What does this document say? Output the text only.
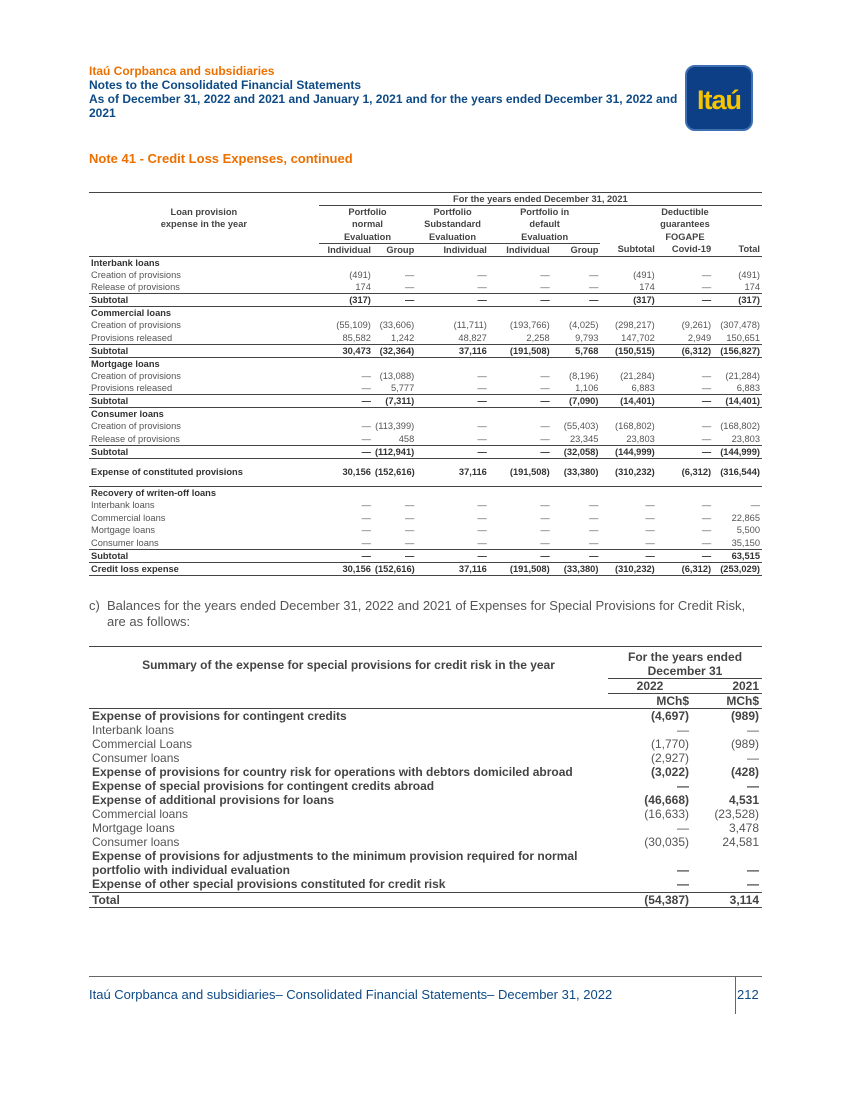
Itaú Corpbanca and subsidiaries
Notes to the Consolidated Financial Statements
As of December 31, 2022 and 2021 and January 1, 2021 and for the years ended December 31, 2022 and 2021	Itaú
Note 41 - Credit Loss Expenses, continued
	For the years ended December 31, 2021							
Loan provision	Portfolio		Portfolio	Portfolio in			Deductible	
expense in the year	normal		Substandard	default			guarantees	
	Evaluation		Evaluation	Evaluation			FOGAPE	
	Individual	Group	Individual	Individual	Group	Subtotal	Covid-19	Total
Interbank loans								
Creation of provisions	(491)	—	—	—	—	(491)	—	(491)
Release of provisions	174	—	—	—	—	174	—	174
Subtotal	(317)	—	—	—	—	(317)	—	(317)
Commercial loans								
Creation of provisions	(55,109)	(33,606)	(11,711)	(193,766)	(4,025)	(298,217)	(9,261)	(307,478)
Provisions released	85,582	1,242	48,827	2,258	9,793	147,702	2,949	150,651
Subtotal	30,473	(32,364)	37,116	(191,508)	5,768	(150,515)	(6,312)	(156,827)
Mortgage loans								
Creation of provisions	—	(13,088)	—	—	(8,196)	(21,284)	—	(21,284)
Provisions released	—	5,777	—	—	1,106	6,883	—	6,883
Subtotal	—	(7,311)	—	—	(7,090)	(14,401)	—	(14,401)
Consumer loans								
Creation of provisions	—	(113,399)	—	—	(55,403)	(168,802)	—	(168,802)
Release of provisions	—	458	—	—	23,345	23,803	—	23,803
Subtotal	—	(112,941)	—	—	(32,058)	(144,999)	—	(144,999)

Expense of constituted provisions	30,156	(152,616)	37,116	(191,508)	(33,380)	(310,232)	(6,312)	(316,544)

Recovery of writen-off loans								
Interbank loans	—	—	—	—	—	—	—	—
Commercial loans	—	—	—	—	—	—	—	22,865
Mortgage loans	—	—	—	—	—	—	—	5,500
Consumer loans	—	—	—	—	—	—	—	35,150
Subtotal	—	—	—	—	—	—	—	63,515
Credit loss expense	30,156	(152,616)	37,116	(191,508)	(33,380)	(310,232)	(6,312)	(253,029)
c) Balances for the years ended December 31, 2022 and 2021 of Expenses for Special Provisions for Credit Risk, are as follows:
Summary of the expense for special provisions for credit risk in the year	For the years ended	
	December 31	
	2022	2021
	MCh$	MCh$
Expense of provisions for contingent credits	(4,697)	(989)
Interbank loans	—	—
Commercial Loans	(1,770)	(989)
Consumer loans	(2,927)	—
Expense of provisions for country risk for operations with debtors domiciled abroad	(3,022)	(428)
Expense of special provisions for contingent credits abroad	—	—
Expense of additional provisions for loans	(46,668)	4,531
Commercial loans	(16,633)	(23,528)
Mortgage loans	—	3,478
Consumer loans	(30,035)	24,581
Expense of provisions for adjustments to the minimum provision required for normal portfolio with individual evaluation	—	—
Expense of other special provisions constituted for credit risk	—	—
Total	(54,387)	3,114
Itaú Corpbanca and subsidiaries– Consolidated Financial Statements– December 31, 2022	212
